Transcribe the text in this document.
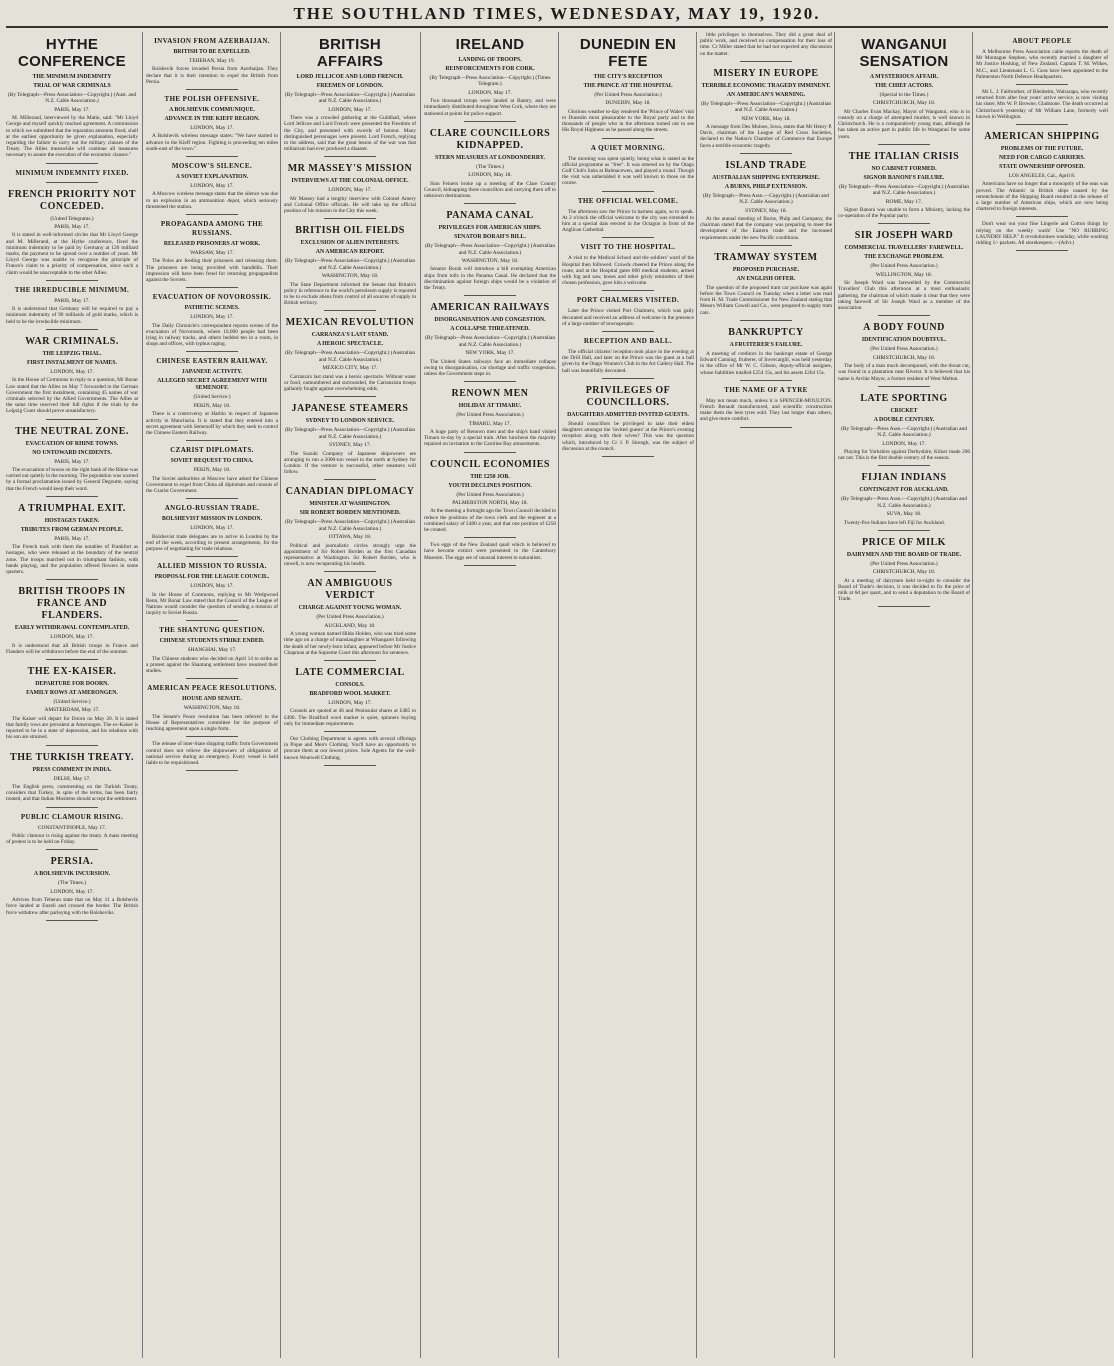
THE SOUTHLAND TIMES, WEDNESDAY, MAY 19, 1920.
HYTHE CONFERENCE
THE MINIMUM INDEMNITY
TRIAL OF WAR CRIMINALS
(By Telegraph—Press Association—Copyright.) (Aust. and N.Z. Cable Association.)
PARIS, May 17.

M. Millerand, interviewed by the Matin, said: "Mr Lloyd George and myself quickly reached agreement. A commission to which we submitted that the reparation amounts fixed, shall at the earliest opportunity be given explanation, especially regarding the failure to carry out the military clauses of the Treaty. The Allies meanwhile will continue all measures necessary to assure the execution of the economic clauses."

MINIMUM INDEMNITY FIXED.
FRENCH PRIORITY NOT CONCEDED.
(United Telegrams.)
PARIS, May 17.

It is stated in well-informed circles that Mr Lloyd George and M. Millerand, at the Hythe conference, fixed the minimum indemnity to be paid by Germany at 120 milliard marks, the payment to be spread over a number of years. Mr Lloyd George was unable to recognise the principle of France's claim to a priority of compensation, since such a claim would be unacceptable to the other Allies.

THE IRREDUCIBLE MINIMUM.
PARIS, May 17.

It is understood that Germany will be required to pay a minimum indemnity of 90 milliards of gold marks, which is held to be the irreducible minimum.

WAR CRIMINALS.
THE LEIPZIG TRIAL.
FIRST INSTALMENT OF NAMES.
LONDON, May 17.

In the House of Commons in reply to a question, Mr Bonar Law stated that the Allies on May 7 forwarded to the German Government the first instalment, containing 45 names of war criminals selected by the Allied Governments. The Allies at the same time reserved their full rights if the trials by the Leipzig Court should prove unsatisfactory.

THE NEUTRAL ZONE.
EVACUATION OF RHINE TOWNS.
NO UNTOWARD INCIDENTS.
PARIS, May 17.

The evacuation of towns on the right bank of the Rhine was carried out quietly in the morning. The population was warned by a formal proclamation issued by General Degoutte, saying that the French would keep their word.

A TRIUMPHAL EXIT.
HOSTAGES TAKEN.
TRIBUTES FROM GERMAN PEOPLE.
PARIS, May 17.

The French took with them the notables of Frankfort as hostages, who were released at the boundary of the neutral zone. The troops marched out in triumphant fashion, with bands playing, and the population offered flowers in some quarters.

BRITISH TROOPS IN FRANCE AND FLANDERS.
EARLY WITHDRAWAL CONTEMPLATED.
LONDON, May 17.

It is understood that all British troops in France and Flanders will be withdrawn before the end of the summer.

THE EX-KAISER.
DEPARTURE FOR DOORN.
FAMILY ROWS AT AMERONGEN.
(United Service.)
AMSTERDAM, May 17.

The Kaiser will depart for Doorn on May 20. It is stated that family rows are prevalent at Amerongen. The ex-Kaiser is reported to be in a state of depression, and his relations with his son are strained.

THE TURKISH TREATY.
PRESS COMMENT IN INDIA.
DELHI, May 17.

The English press, commenting on the Turkish Treaty, considers that Turkey, in spite of the terms, has been fairly treated, and that Indian Moslems should accept the settlement.

PUBLIC CLAMOUR RISING.
CONSTANTINOPLE, May 17.

Public clamour is rising against the treaty. A mass meeting of protest is to be held on Friday.

PERSIA.
A BOLSHEVIK INCURSION.
(The Times.)
LONDON, May 17.

Advices from Teheran state that on May 11 a Bolshevik force landed at Enzeli and crossed the border. The British force withdrew after parleying with the Bolsheviks.

INVASION FROM AZERBAIJAN.
BRITISH TO BE EXPELLED.
TEHERAN, May 19.

Bolshevik forces invaded Persia from Azerbaijan. They declare that it is their intention to expel the British from Persia.

THE POLISH OFFENSIVE.
A BOLSHEVIK COMMUNIQUE.
ADVANCE IN THE KIEFF REGION.
LONDON, May 17.

A Bolshevik wireless message states: "We have started to advance in the Kieff region. Fighting is proceeding ten miles south-east of the town."

MOSCOW'S SILENCE.
A SOVIET EXPLANATION.
LONDON, May 17.

A Moscow wireless message states that the silence was due to an explosion in an ammunition depot, which seriously threatened the station.

PROPAGANDA AMONG THE RUSSIANS.
RELEASED PRISONERS AT WORK.
WARSAW, May 17.

The Poles are feeding their prisoners and releasing them. The prisoners are being provided with handbills. Their impression will have been freed for returning propagandists against the Soviets.

EVACUATION OF NOVOROSSIK.
PATHETIC SCENES.
LONDON, May 17.

The Daily Chronicle's correspondent reports scenes of the evacuation of Novorossik, where 10,000 people had been lying in railway tracks, and others bedded ten in a room, in shops and offices, with typhus raging.

CHINESE EASTERN RAILWAY.
JAPANESE ACTIVITY.
ALLEGED SECRET AGREEMENT WITH SEMENOFF.
(United Service.)
PEKIN, May 18.

There is a controversy at Harbin in respect of Japanese activity in Manchuria. It is stated that they entered into a secret agreement with Semenoff by which they seek to control the Chinese Eastern Railway.

CZARIST DIPLOMATS.
SOVIET REQUEST TO CHINA.
PEKIN, May 18.

The Soviet authorities at Moscow have asked the Chinese Government to expel from China all diplomats and consuls of the Czarist Government.

ANGLO-RUSSIAN TRADE.
BOLSHEVIST MISSION IN LONDON.
LONDON, May 17.

Bolshevist trade delegates are to arrive in London by the end of the week, according to present arrangements, for the purpose of negotiating for trade relations.

ALLIED MISSION TO RUSSIA.
PROPOSAL FOR THE LEAGUE COUNCIL.
LONDON, May 17.

In the House of Commons, replying to Mr Wedgwood Benn, Mr Bonar Law stated that the Council of the League of Nations would consider the question of sending a mission of inquiry to Soviet Russia.

THE SHANTUNG QUESTION.
CHINESE STUDENTS STRIKE ENDED.
SHANGHAI, May 17.

The Chinese students who decided on April 14 to strike as a protest against the Shantung settlement have resumed their studies.

AMERICAN PEACE RESOLUTIONS.
HOUSE AND SENATE.
WASHINGTON, May 18.

The Senate's Peace resolution has been referred to the House of Representatives committee for the purpose of reaching agreement upon a single form.

The release of inter-State shipping traffic from Government control does not relieve the shipowners of obligations of national service during an emergency. Every vessel is held liable to be requisitioned.

BRITISH AFFAIRS
LORD JELLICOE AND LORD FRENCH.
FREEMEN OF LONDON.
(By Telegraph—Press Association—Copyright.) (Australian and N.Z. Cable Association.)
LONDON, May 17.

There was a crowded gathering at the Guildhall, where Lord Jellicoe and Lord French were presented the Freedom of the City, and presented with swords of honour. Many distinguished personages were present. Lord French, replying to the address, said that the great lesson of the war was that militarism had ever produced a disaster.

MR MASSEY'S MISSION
INTERVIEWS AT THE COLONIAL OFFICE.
LONDON, May 17.

Mr Massey had a lengthy interview with Colonel Amery and Colonial Office officials. He will take up the official position of his mission in the City this week.

BRITISH OIL FIELDS
EXCLUSION OF ALIEN INTERESTS.
AN AMERICAN REPORT.
(By Telegraph—Press Association—Copyright.) (Australian and N.Z. Cable Association.)
WASHINGTON, May 18.

The State Department informed the Senate that Britain's policy in reference to the world's petroleum supply is reported to be to exclude aliens from control of all sources of supply in British territory.

MEXICAN REVOLUTION
CARRANZA'S LAST STAND.
A HEROIC SPECTACLE.
(By Telegraph—Press Association—Copyright.) (Australian and N.Z. Cable Association.)
MEXICO CITY, May 17.

Carranza's last stand was a heroic spectacle. Without water or food, outnumbered and surrounded, the Carranzista troops gallantly fought against overwhelming odds.

JAPANESE STEAMERS
SYDNEY TO LONDON SERVICE.
(By Telegraph—Press Association—Copyright.) (Australian and N.Z. Cable Association.)
SYDNEY, May 17.

The Suzuki Company of Japanese shipowners are arranging to run a 5000-ton vessel to the north at Sydney for London. If the venture is successful, other steamers will follow.

CANADIAN DIPLOMACY
MINISTER AT WASHINGTON.
SIR ROBERT BORDEN MENTIONED.
(By Telegraph—Press Association—Copyright.) (Australian and N.Z. Cable Association.)
OTTAWA, May 18.

Political and journalistic circles strongly urge the appointment of Sir Robert Borden as the first Canadian representative at Washington. Sir Robert Borden, who is unwell, is now recuperating his health.

AN AMBIGUOUS VERDICT
CHARGE AGAINST YOUNG WOMAN.
(Per United Press Association.)
AUCKLAND, May 18.

A young woman named Hilda Holden, who was tried some time ago on a charge of manslaughter at Whangarei following the death of her newly-born infant, appeared before Mr Justice Chapman at the Supreme Court this afternoon for sentence.

LATE COMMERCIAL
CONSOLS.
BRADFORD WOOL MARKET.
LONDON, May 17.

Consols are quoted at 46 and Peninsular shares at £485 to £490. The Bradford wool market is quiet, spinners buying only for immediate requirements.

Our Clothing Department is agents with several offerings in Pique and Men's Clothing. You'll have an opportunity to procure them at our lowest prices. Sole Agents for the well-known Wearwell Clothing.

IRELAND
LANDING OF TROOPS.
REINFORCEMENTS FOR CORK.
(By Telegraph—Press Association—Copyright.) (Times Telegram.)
LONDON, May 17.

Two thousand troops were landed at Bantry, and were immediately distributed throughout West Cork, where they are stationed at points for police support.

CLARE COUNCILLORS KIDNAPPED.
STERN MEASURES AT LONDONDERRY.
(The Times.)
LONDON, May 18.

Sinn Feiners broke up a meeting of the Clare County Council, kidnapping three councillors and carrying them off to unknown destinations.

PANAMA CANAL
PRIVILEGES FOR AMERICAN SHIPS.
SENATOR BORAH'S BILL.
(By Telegraph—Press Association—Copyright.) (Australian and N.Z. Cable Association.)
WASHINGTON, May 18.

Senator Borah will introduce a bill exempting American ships from tolls in the Panama Canal. He declared that the discrimination against foreign ships would be a violation of the Treaty.

AMERICAN RAILWAYS
DISORGANISATION AND CONGESTION.
A COLLAPSE THREATENED.
(By Telegraph—Press Association—Copyright.) (Australian and N.Z. Cable Association.)
NEW YORK, May 17.

The United States railways face an immediate collapse owing to disorganisation, car shortage and traffic congestion, unless the Government steps in.

RENOWN MEN
HOLIDAY AT TIMARU.
(Per United Press Association.)
TIMARU, May 17.

A huge party of Renown men and the ship's band visited Timaru to-day by a special train. After luncheon the majority repaired on invitation to the Caroline Bay amusements.

COUNCIL ECONOMIES
THE £250 JOB.
YOUTH DECLINES POSITION.
(Per United Press Association.)
PALMERSTON NORTH, May 18.

At the meeting a fortnight ago the Town Council decided to reduce the positions of the town clerk and the engineer at a combined salary of £400 a year, and that one position of £250 be created.

Two eggs of the New Zealand quail which is believed to have become extinct were presented to the Canterbury Museum. The eggs are of unusual interest to naturalists.

DUNEDIN EN FETE
THE CITY'S RECEPTION
THE PRINCE AT THE HOSPITAL
(Per United Press Association.)
DUNEDIN, May 18.

Glorious weather to-day rendered the 'Prince of Wales' visit to Dunedin most pleasurable to the Royal party and to the thousands of people who in the afternoon turned out to see His Royal Highness as he passed along the streets.

A QUIET MORNING.

The morning was spent quietly, being what is stated as the official programme as "free". It was entered on by the Otago Golf Club's links at Balmacewen, and played a round. Though the visit was unheralded it was well known to those on the course.

THE OFFICIAL WELCOME.

The afternoon saw the Prince in harness again, so to speak. At 2 o'clock the official welcome to the city was extended to him at a special dais erected in the Octagon in front of the Anglican Cathedral.

VISIT TO THE HOSPITAL.

A visit to the Medical School and the soldiers' ward of the Hospital then followed. Crowds cheered the Prince along the route, and at the Hospital gates 800 medical students, armed with fog and saw, bones and other grisly reminders of their chosen profession, gave him a welcome.

PORT CHALMERS VISITED.

Later the Prince visited Port Chalmers, which was gaily decorated and received an address of welcome in the presence of a large number of townspeople.

RECEPTION AND BALL.

The official citizens' reception took place in the evening at the Drill Hall, and later on the Prince was the guest at a ball given by the Otago Women's Club in the Art Gallery Hall. The hall was beautifully decorated.

PRIVILEGES OF COUNCILLORS.
DAUGHTERS ADMITTED INVITED GUESTS.

Should councillors be privileged to take their eldest daughters amongst the 'invited guests' at the Prince's evening reception along with their wives? This was the question which, introduced by Cr J. P. Sirengh, was the subject of discussion at the council.

little privileges to themselves. They did a great deal of public work, and received no compensation for their loss of time. Cr Miller stated that he had not expected any discussion on the matter.

MISERY IN EUROPE
TERRIBLE ECONOMIC TRAGEDY IMMINENT.
AN AMERICAN'S WARNING.
(By Telegraph—Press Association—Copyright.) (Australian and N.Z. Cable Association.)
NEW YORK, May 18.

A message from Des Moines, Iowa, states that Mr Henry P. Davis, chairman of the League of Red Cross Societies, declared to the Nation's Chamber of Commerce that Europe faces a terrible economic tragedy.

ISLAND TRADE
AUSTRALIAN SHIPPING ENTERPRISE.
A BURNS, PHILP EXTENSION.
(By Telegraph—Press Assn.—Copyright.) (Australian and N.Z. Cable Association.)
SYDNEY, May 18.

At the annual meeting of Burns, Philp and Company, the chairman stated that the company was preparing to meet the development of the Eastern trade and the increased requirements under the new Pacific conditions.

TRAMWAY SYSTEM
PROPOSED PURCHASE.
AN ENGLISH OFFER.

The question of the proposed tram car purchase was again before the Town Council on Tuesday when a letter was read from H. M. Trade Commissioner for New Zealand stating that Messrs William Cowell and Co., were prepared to supply tram cars.

BANKRUPTCY
A FRUITERER'S FAILURE.

A meeting of creditors in the bankrupt estate of George Edward Canning, fruiterer, of Invercargill, was held yesterday in the office of Mr W. C. Gibson, deputy-official assignee, whose liabilities totalled £254 15s, and his assets £264 15s.

THE NAME OF A TYRE

May not mean much, unless it is SPENCER-MOULTON. French Renault manufactured, and scientific construction make them the best tyres sold. They last longer than others, and give more comfort.

WANGANUI SENSATION
A MYSTERIOUS AFFAIR.
THE CHIEF ACTORS.
(Special to the Times.)
CHRISTCHURCH, May 18.

Mr Charles Evan Mackay, Mayor of Wanganui, who is in custody on a charge of attempted murder, is well known in Christchurch. He is a comparatively young man, although he has taken an active part in public life in Wanganui for some years.

THE ITALIAN CRISIS
NO CABINET FORMED.
SIGNOR BANONI'S FAILURE.
(By Telegraph—Press Association—Copyright.) (Australian and N.Z. Cable Association.)
ROME, May 17.

Signor Banoni was unable to form a Ministry, lacking the co-operation of the Popular party.

SIR JOSEPH WARD
COMMERCIAL TRAVELLERS' FAREWELL.
THE EXCHANGE PROBLEM.
(Per United Press Association.)
WELLINGTON, May 18.

Sir Joseph Ward was farewelled by the Commercial Travellers' Club this afternoon at a most enthusiastic gathering, the chairman of which made it clear that they were taking farewell of Sir Joseph Ward as a member of the association.

A BODY FOUND
IDENTIFICATION DOUBTFUL.
(Per United Press Association.)
CHRISTCHURCH, May 18.

The body of a man much decomposed, with the throat cut, was found in a plantation near Riverst. It is believed that his name is Archie Mayor, a former resident of West Melton.

LATE SPORTING
CRICKET
A DOUBLE CENTURY.
(By Telegraph—Press Assn.—Copyright.) (Australian and N.Z. Cable Association.)
LONDON, May 17.

Playing for Yorkshire against Derbyshire, Kilner made 206 not out. This is the first double century of the season.

FIJIAN INDIANS
CONTINGENT FOR AUCKLAND.
(By Telegraph—Press Assn.—Copyright.) (Australian and N.Z. Cable Association.)
SUVA, May 18.

Twenty-five Indians have left Fiji for Auckland.

PRICE OF MILK
DAIRYMEN AND THE BOARD OF TRADE.
(Per United Press Association.)
CHRISTCHURCH, May 18.

At a meeting of dairymen held to-night to consider the Board of Trade's decision, it was decided to fix the price of milk at 6d per quart, and to send a deputation to the Board of Trade.

ABOUT PEOPLE

A Melbourne Press Association cable reports the death of Mr Montague Stephen, who recently married a daughter of Mr Justice Hosking, of New Zealand. Captain T. M. Wilkes, M.C., and Lieutenant L. G. Goss have been appointed to the Palmerston North Defence Headquarters.

Mr L. J. Fairbrother, of Blenheim, Wairarapa, who recently returned from after four years' active service, is now visiting his sister, Mrs W. P. Browne, Gladstone. The death occurred at Christchurch yesterday of Mr William Lane, formerly well known in Wellington.

AMERICAN SHIPPING
PROBLEMS OF THE FUTURE.
NEED FOR CARGO CARRIERS.
STATE OWNERSHIP OPPOSED.
LOS ANGELES, Cal., April 8.

Americans have no longer that a monopoly of the seas was proved. The Atlantic in British ships caused by the retrenchment of the Shipping Board resulted in the release of a large number of American ships, which are now being chartered to foreign interests.

Don't wear out your fine Lingerie and Cotton things by relying on the weekly wash! Use "NO RUBBING LAUNDRY HELP." It revolutionises washday, while washing ridding 1/- packets. All storekeepers.—(Advt.)
